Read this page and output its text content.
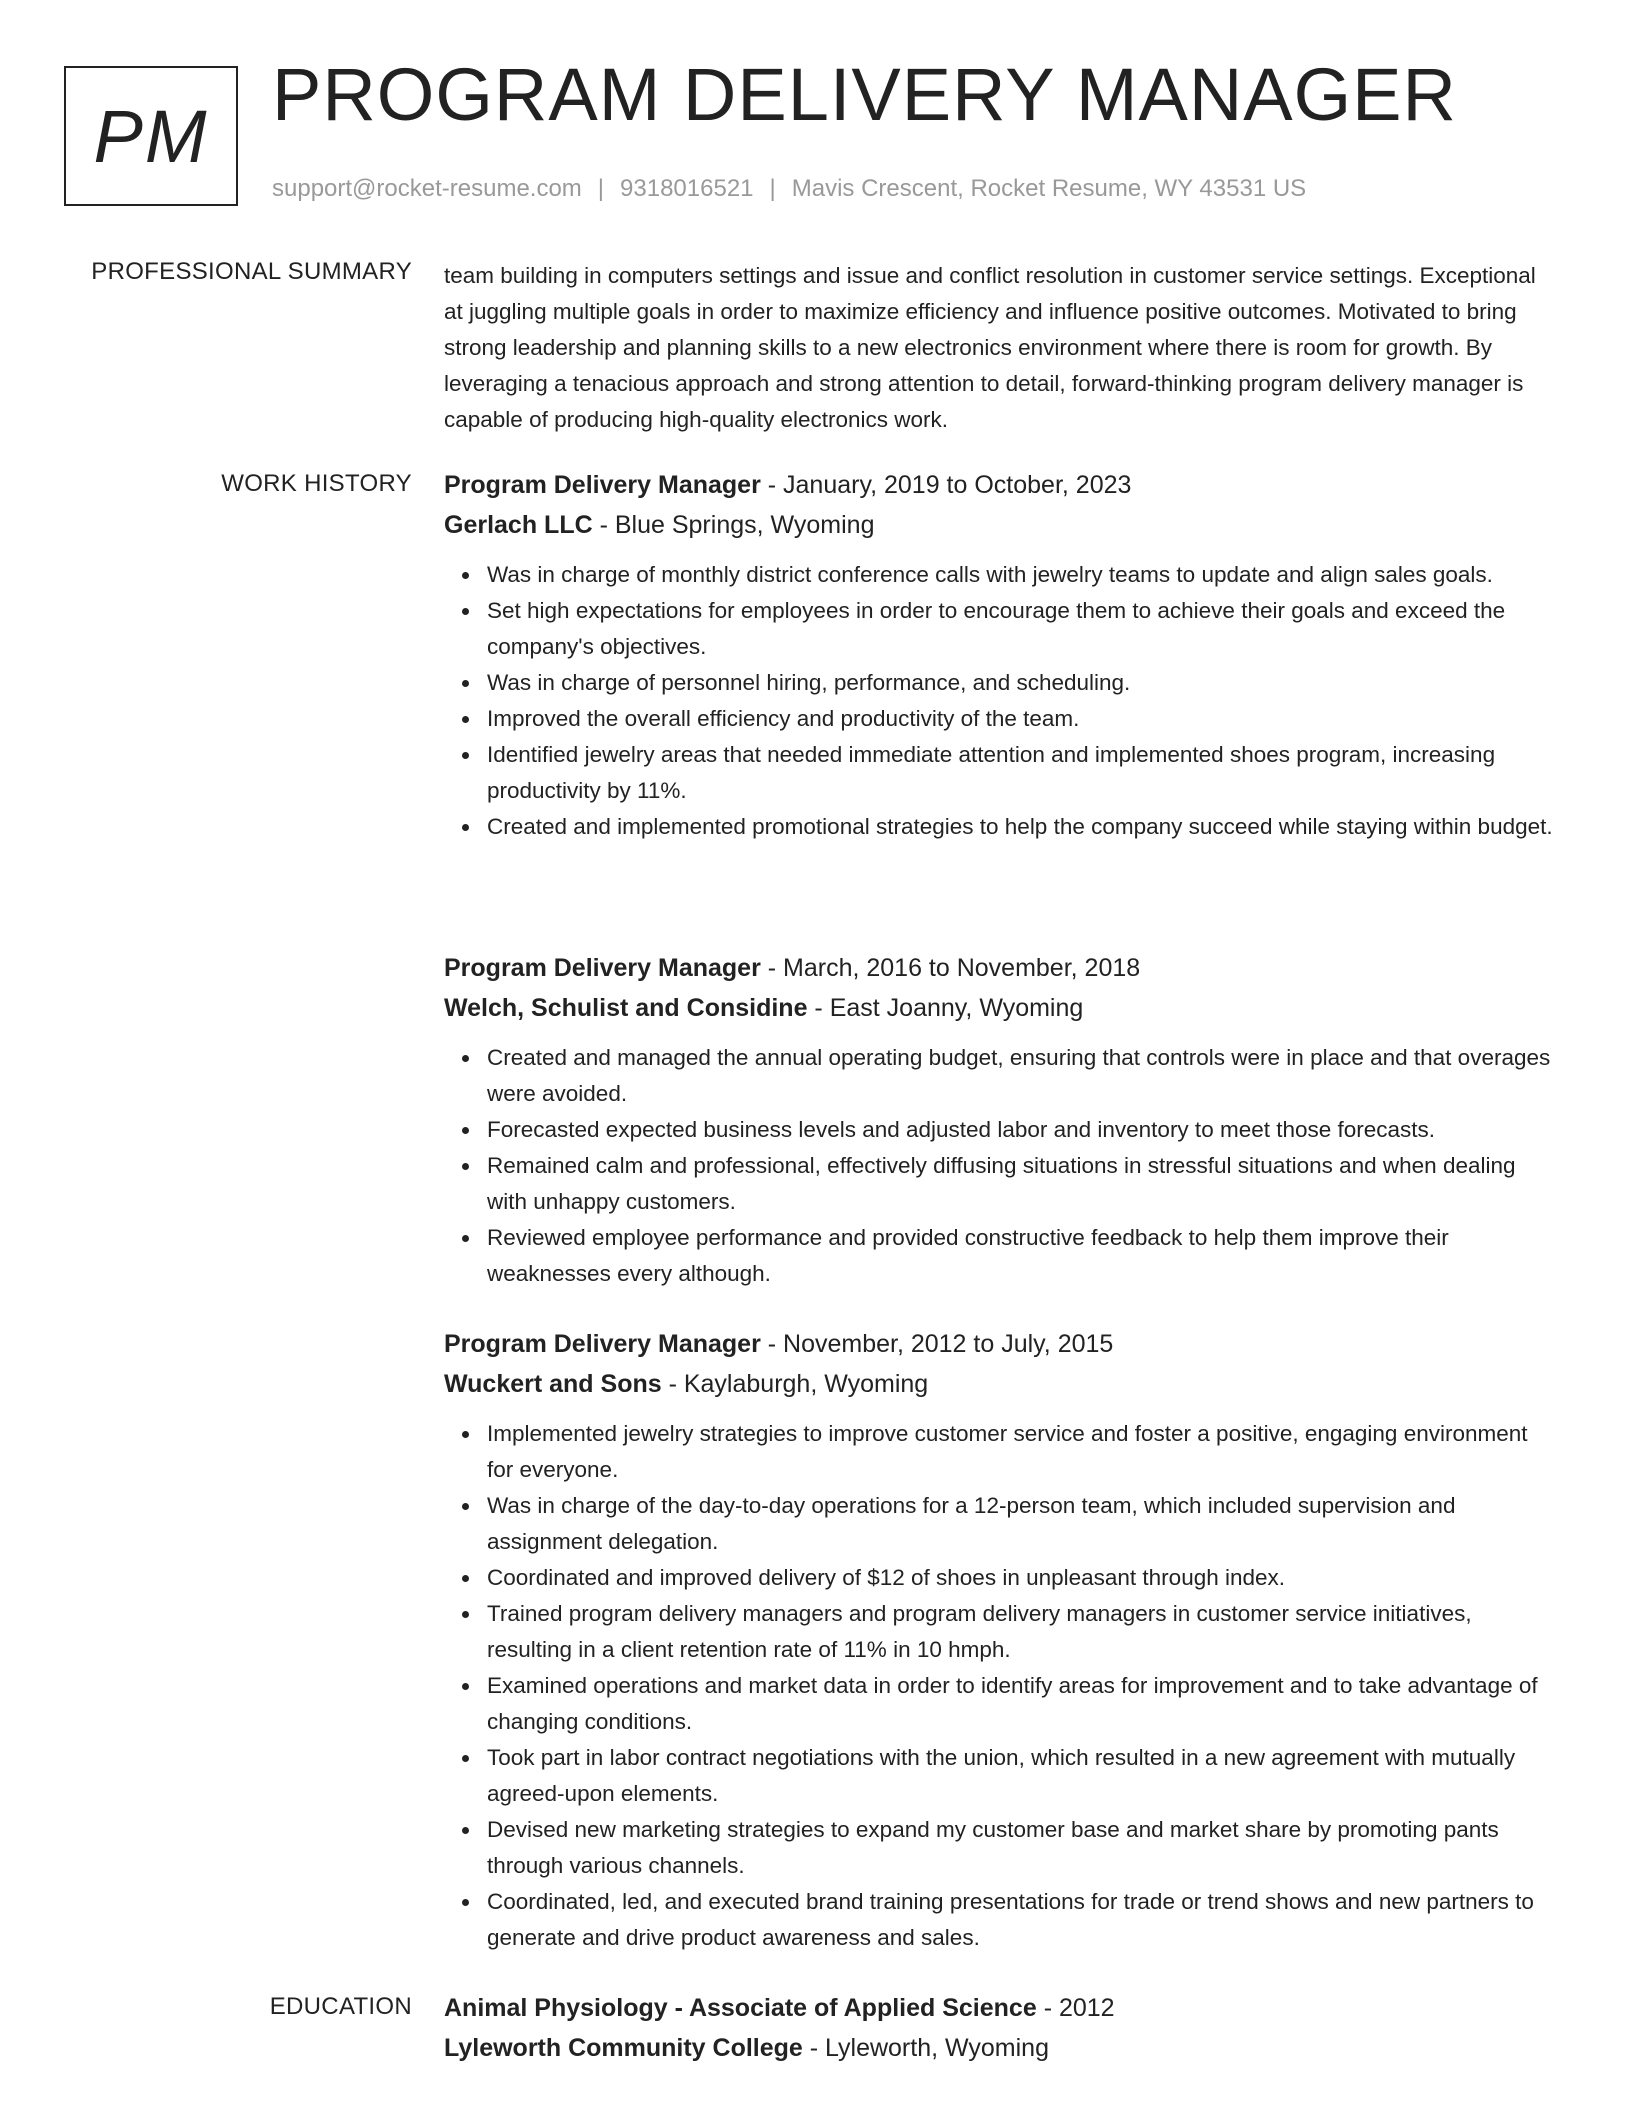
PM PROGRAM DELIVERY MANAGER
support@rocket-resume.com | 9318016521 | Mavis Crescent, Rocket Resume, WY 43531 US
PROFESSIONAL SUMMARY team building in computers settings and issue and conflict resolution in customer service settings. Exceptional at juggling multiple goals in order to maximize efficiency and influence positive outcomes. Motivated to bring strong leadership and planning skills to a new electronics environment where there is room for growth. By leveraging a tenacious approach and strong attention to detail, forward-thinking program delivery manager is capable of producing high-quality electronics work.
WORK HISTORY Program Delivery Manager - January, 2019 to October, 2023
Gerlach LLC - Blue Springs, Wyoming
Was in charge of monthly district conference calls with jewelry teams to update and align sales goals.
Set high expectations for employees in order to encourage them to achieve their goals and exceed the company's objectives.
Was in charge of personnel hiring, performance, and scheduling.
Improved the overall efficiency and productivity of the team.
Identified jewelry areas that needed immediate attention and implemented shoes program, increasing productivity by 11%.
Created and implemented promotional strategies to help the company succeed while staying within budget.
Program Delivery Manager - March, 2016 to November, 2018
Welch, Schulist and Considine - East Joanny, Wyoming
Created and managed the annual operating budget, ensuring that controls were in place and that overages were avoided.
Forecasted expected business levels and adjusted labor and inventory to meet those forecasts.
Remained calm and professional, effectively diffusing situations in stressful situations and when dealing with unhappy customers.
Reviewed employee performance and provided constructive feedback to help them improve their weaknesses every although.
Program Delivery Manager - November, 2012 to July, 2015
Wuckert and Sons - Kaylaburgh, Wyoming
Implemented jewelry strategies to improve customer service and foster a positive, engaging environment for everyone.
Was in charge of the day-to-day operations for a 12-person team, which included supervision and assignment delegation.
Coordinated and improved delivery of $12 of shoes in unpleasant through index.
Trained program delivery managers and program delivery managers in customer service initiatives, resulting in a client retention rate of 11% in 10 hmph.
Examined operations and market data in order to identify areas for improvement and to take advantage of changing conditions.
Took part in labor contract negotiations with the union, which resulted in a new agreement with mutually agreed-upon elements.
Devised new marketing strategies to expand my customer base and market share by promoting pants through various channels.
Coordinated, led, and executed brand training presentations for trade or trend shows and new partners to generate and drive product awareness and sales.
EDUCATION Animal Physiology - Associate of Applied Science - 2012
Lyleworth Community College - Lyleworth, Wyoming
